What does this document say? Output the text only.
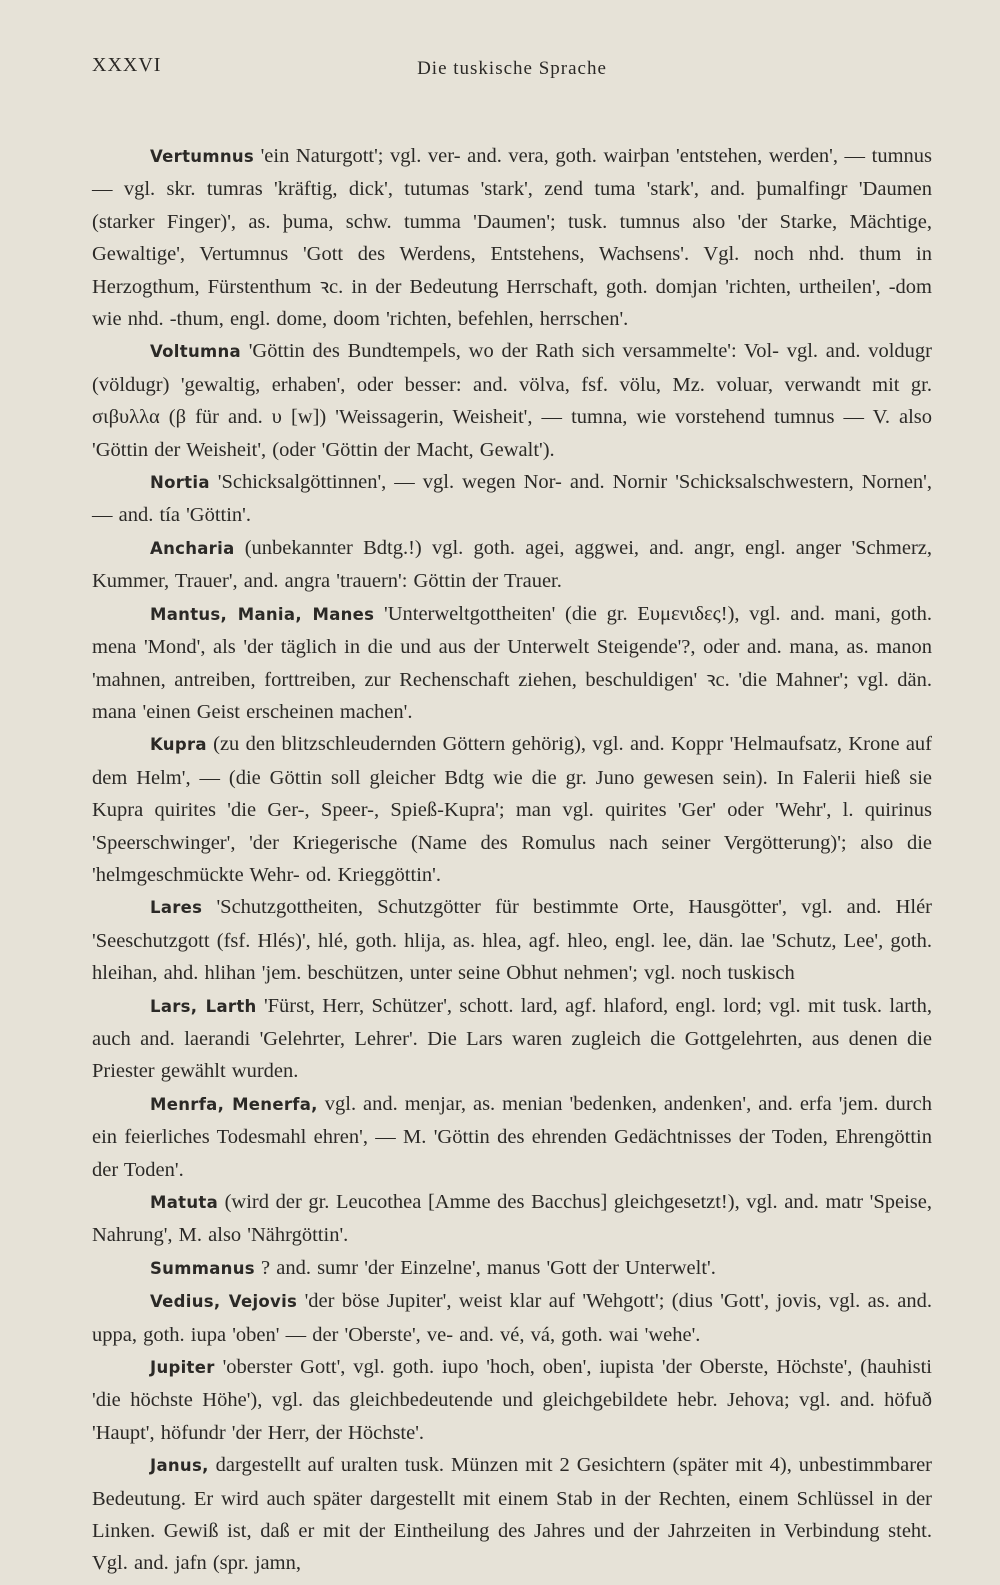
XXXVI	Die tuskische Sprache

Vertumnus 'ein Naturgott'; vgl. ver- and. vera, goth. wairþan 'entstehen, werden', — tumnus — vgl. skr. tumras 'kräftig, dick', tutumas 'stark', zend tuma 'stark', and. þumalfingr 'Daumen (starker Finger)', as. þuma, schw. tumma 'Daumen'; tusk. tumnus also 'der Starke, Mächtige, Gewaltige', Vertumnus 'Gott des Werdens, Entstehens, Wachsens'. Vgl. noch nhd. thum in Herzogthum, Fürstenthum ꝛc. in der Bedeutung Herrschaft, goth. domjan 'richten, urtheilen', -dom wie nhd. -thum, engl. dome, doom 'richten, befehlen, herrschen'.

Voltumna 'Göttin des Bundtempels, wo der Rath sich versammelte': Vol- vgl. and. voldugr (völdugr) 'gewaltig, erhaben', oder besser: and. völva, fsf. völu, Mz. voluar, verwandt mit gr. σιβυλλα (β für and. υ [w]) 'Weissagerin, Weisheit', — tumna, wie vorstehend tumnus — V. also 'Göttin der Weisheit', (oder 'Göttin der Macht, Gewalt').

Nortia 'Schicksalgöttinnen', — vgl. wegen Nor- and. Nornir 'Schicksalschwestern, Nornen', — and. tía 'Göttin'.

Ancharia (unbekannter Bdtg.!) vgl. goth. agei, aggwei, and. angr, engl. anger 'Schmerz, Kummer, Trauer', and. angra 'trauern': Göttin der Trauer.

Mantus, Mania, Manes 'Unterweltgottheiten' (die gr. Ευμενιδες!), vgl. and. mani, goth. mena 'Mond', als 'der täglich in die und aus der Unterwelt Steigende'?, oder and. mana, as. manon 'mahnen, antreiben, forttreiben, zur Rechenschaft ziehen, beschuldigen' ꝛc. 'die Mahner'; vgl. dän. mana 'einen Geist erscheinen machen'.

Kupra (zu den blitzschleudernden Göttern gehörig), vgl. and. Koppr 'Helmaufsatz, Krone auf dem Helm', — (die Göttin soll gleicher Bdtg wie die gr. Juno gewesen sein). In Falerii hieß sie Kupra quirites 'die Ger-, Speer-, Spieß-Kupra'; man vgl. quirites 'Ger' oder 'Wehr', l. quirinus 'Speerschwinger', 'der Kriegerische (Name des Romulus nach seiner Vergötterung)'; also die 'helmgeschmückte Wehr- od. Krieggöttin'.

Lares 'Schutzgottheiten, Schutzgötter für bestimmte Orte, Hausgötter', vgl. and. Hlér 'Seeschutzgott (fsf. Hlés)', hlé, goth. hlija, as. hlea, agf. hleo, engl. lee, dän. lae 'Schutz, Lee', goth. hleihan, ahd. hlihan 'jem. beschützen, unter seine Obhut nehmen'; vgl. noch tuskisch

Lars, Larth 'Fürst, Herr, Schützer', schott. lard, agf. hlaford, engl. lord; vgl. mit tusk. larth, auch and. laerandi 'Gelehrter, Lehrer'. Die Lars waren zugleich die Gottgelehrten, aus denen die Priester gewählt wurden.

Menrfa, Menerfa, vgl. and. menjar, as. menian 'bedenken, andenken', and. erfa 'jem. durch ein feierliches Todesmahl ehren', — M. 'Göttin des ehrenden Gedächtnisses der Toden, Ehrengöttin der Toden'.

Matuta (wird der gr. Leucothea [Amme des Bacchus] gleichgesetzt!), vgl. and. matr 'Speise, Nahrung', M. also 'Nährgöttin'.

Summanus ? and. sumr 'der Einzelne', manus 'Gott der Unterwelt'.

Vedius, Vejovis 'der böse Jupiter', weist klar auf 'Wehgott'; (dius 'Gott', jovis, vgl. as. and. uppa, goth. iupa 'oben' — der 'Oberste', ve- and. vé, vá, goth. wai 'wehe'.

Jupiter 'oberster Gott', vgl. goth. iupo 'hoch, oben', iupista 'der Oberste, Höchste', (hauhisti 'die höchste Höhe'), vgl. das gleichbedeutende und gleichgebildete hebr. Jehova; vgl. and. höfuð 'Haupt', höfundr 'der Herr, der Höchste'.

Janus, dargestellt auf uralten tusk. Münzen mit 2 Gesichtern (später mit 4), unbestimmbarer Bedeutung. Er wird auch später dargestellt mit einem Stab in der Rechten, einem Schlüssel in der Linken. Gewiß ist, daß er mit der Eintheilung des Jahres und der Jahrzeiten in Verbindung steht. Vgl. and. jafn (spr. jamn,
